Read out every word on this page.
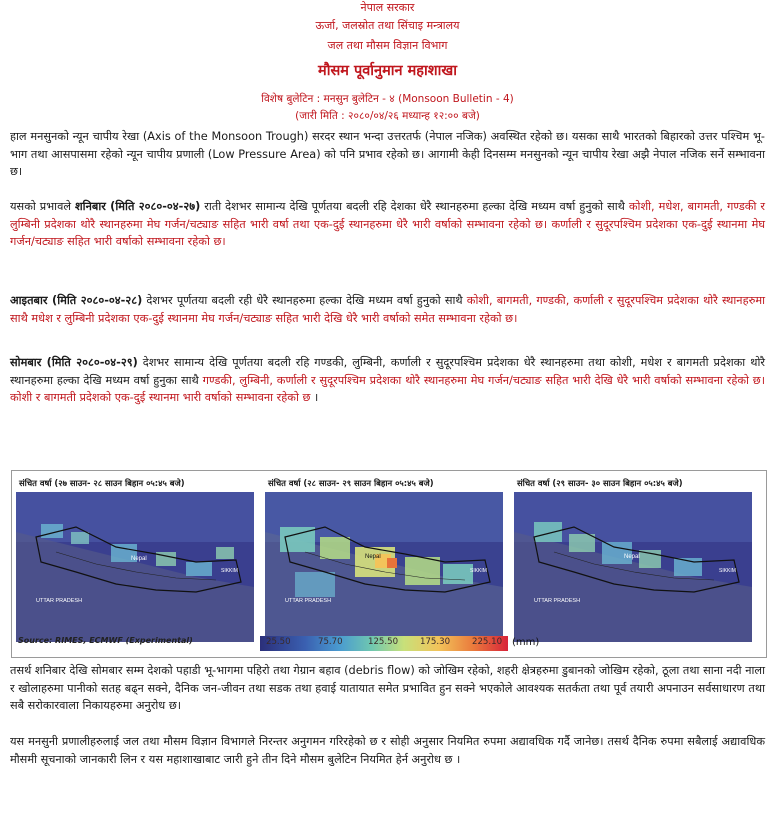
नेपाल सरकार
ऊर्जा, जलस्रोत तथा सिंचाइ मन्त्रालय
जल तथा मौसम विज्ञान विभाग
मौसम पूर्वानुमान महाशाखा
विशेष बुलेटिन : मनसुन बुलेटिन - ४ (Monsoon Bulletin - 4)
(जारी मिति : २०८०/०४/२६ मध्यान्ह १२:०० बजे)

हाल मनसुनको न्यून चापीय रेखा (Axis of the Monsoon Trough) सरदर स्थान भन्दा उत्तरतर्फ (नेपाल नजिक) अवस्थित रहेको छ। यसका साथै भारतको बिहारको उत्तर पश्चिम भू-भाग तथा आसपासमा रहेको न्यून चापीय प्रणाली (Low Pressure Area) को पनि प्रभाव रहेको छ। आगामी केही दिनसम्म मनसुनको न्यून चापीय रेखा अझै नेपाल नजिक सर्ने सम्भावना छ।

यसको प्रभावले शनिबार (मिति २०८०-०४-२७) राती देशभर सामान्य देखि पूर्णतया बदली रहि देशका धेरै स्थानहरुमा हल्का देखि मध्यम वर्षा हुनुको साथै कोशी, मधेश, बागमती, गण्डकी र लुम्बिनी प्रदेशका थोरै स्थानहरुमा मेघ गर्जन/चट्याङ सहित भारी वर्षा तथा एक-दुई स्थानहरुमा धेरै भारी वर्षाको सम्भावना रहेको छ। कर्णाली र सुदूरपश्चिम प्रदेशका एक-दुई स्थानमा मेघ गर्जन/चट्याङ सहित भारी वर्षाको सम्भावना रहेको छ।

आइतबार (मिति २०८०-०४-२८) देशभर पूर्णतया बदली रही धेरै स्थानहरुमा हल्का देखि मध्यम वर्षा हुनुको साथै कोशी, बागमती, गण्डकी, कर्णाली र सुदूरपश्चिम प्रदेशका थोरै स्थानहरुमा साथै मधेश र लुम्बिनी प्रदेशका एक-दुई स्थानमा मेघ गर्जन/चट्याङ सहित भारी देखि धेरै भारी वर्षाको समेत सम्भावना रहेको छ।

सोमबार (मिति २०८०-०४-२९) देशभर सामान्य देखि पूर्णतया बदली रहि गण्डकी, लुम्बिनी, कर्णाली र सुदूरपश्चिम प्रदेशका धेरै स्थानहरुमा तथा कोशी, मधेश र बागमती प्रदेशका थोरै स्थानहरुमा हल्का देखि मध्यम वर्षा हुनुका साथै गण्डकी, लुम्बिनी, कर्णाली र सुदूरपश्चिम प्रदेशका थोरै स्थानहरुमा मेघ गर्जन/चट्याङ सहित भारी देखि धेरै भारी वर्षाको सम्भावना रहेको छ। कोशी र बागमती प्रदेशको एक-दुई स्थानमा भारी वर्षाको सम्भावना रहेको छ ।

संचित वर्षा (२७ साउन- २८ साउन बिहान ०५:४५ बजे)
Nepal
UTTAR PRADESH
SIKKIM
संचित वर्षा (२८ साउन- २९ साउन बिहान ०५:४५ बजे)
Nepal
UTTAR PRADESH
SIKKIM
संचित वर्षा (२९ साउन- ३० साउन बिहान ०५:४५ बजे)
Nepal
UTTAR PRADESH
SIKKIM
Source: RIMES, ECMWF (Experimental)	25.50	75.70	125.50	175.30	225.10 (mm)

तसर्थ शनिबार देखि सोमबार सम्म देशको पहाडी भू-भागमा पहिरो तथा गेग्रान बहाव (debris flow) को जोखिम रहेको, शहरी क्षेत्रहरुमा डुबानको जोखिम रहेको, ठूला तथा साना नदी नाला र खोलाहरुमा पानीको सतह बढ्न सक्ने, दैनिक जन-जीवन तथा सडक तथा हवाई यातायात समेत प्रभावित हुन सक्ने भएकोले आवश्यक सतर्कता तथा पूर्व तयारी अपनाउन सर्वसाधारण तथा सबै सरोकारवाला निकायहरुमा अनुरोध छ।

यस मनसुनी प्रणालीहरुलाई जल तथा मौसम विज्ञान विभागले निरन्तर अनुगमन गरिरहेको छ र सोही अनुसार नियमित रुपमा अद्यावधिक गर्दै जानेछ। तसर्थ दैनिक रुपमा सबैलाई अद्यावधिक मौसमी सूचनाको जानकारी लिन र यस महाशाखाबाट जारी हुने तीन दिने मौसम बुलेटिन नियमित हेर्न अनुरोध छ ।
